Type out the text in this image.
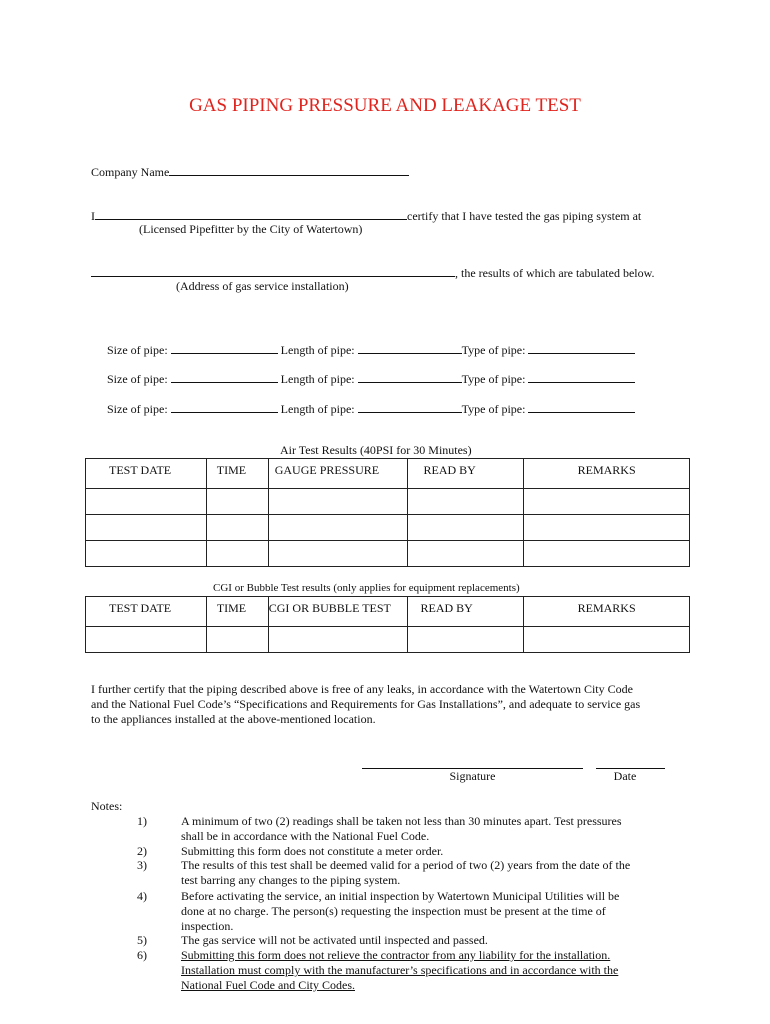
GAS PIPING PRESSURE AND LEAKAGE TEST
Company Name
I	certify that I have tested the gas piping system at
(Licensed Pipefitter by the City of Watertown)
, the results of which are tabulated below.
(Address of gas service installation)
Size of pipe:	Length of pipe:	Type of pipe:
Size of pipe:	Length of pipe:	Type of pipe:
Size of pipe:	Length of pipe:	Type of pipe:
Air Test Results (40PSI for 30 Minutes)
TEST DATE	TIME	GAUGE PRESSURE	READ BY	REMARKS

CGI or Bubble Test results (only applies for equipment replacements)
TEST DATE	TIME	CGI OR BUBBLE TEST	READ BY	REMARKS

I further certify that the piping described above is free of any leaks, in accordance with the Watertown City Code
and the National Fuel Code’s “Specifications and Requirements for Gas Installations”, and adequate to service gas
to the appliances installed at the above-mentioned location.
Signature	Date
Notes:
1)	A minimum of two (2) readings shall be taken not less than 30 minutes apart. Test pressures
shall be in accordance with the National Fuel Code.
2)	Submitting this form does not constitute a meter order.
3)	The results of this test shall be deemed valid for a period of two (2) years from the date of the
test barring any changes to the piping system.
4)	Before activating the service, an initial inspection by Watertown Municipal Utilities will be
done at no charge. The person(s) requesting the inspection must be present at the time of
inspection.
5)	The gas service will not be activated until inspected and passed.
6)	Submitting this form does not relieve the contractor from any liability for the installation.
Installation must comply with the manufacturer’s specifications and in accordance with the
National Fuel Code and City Codes.
